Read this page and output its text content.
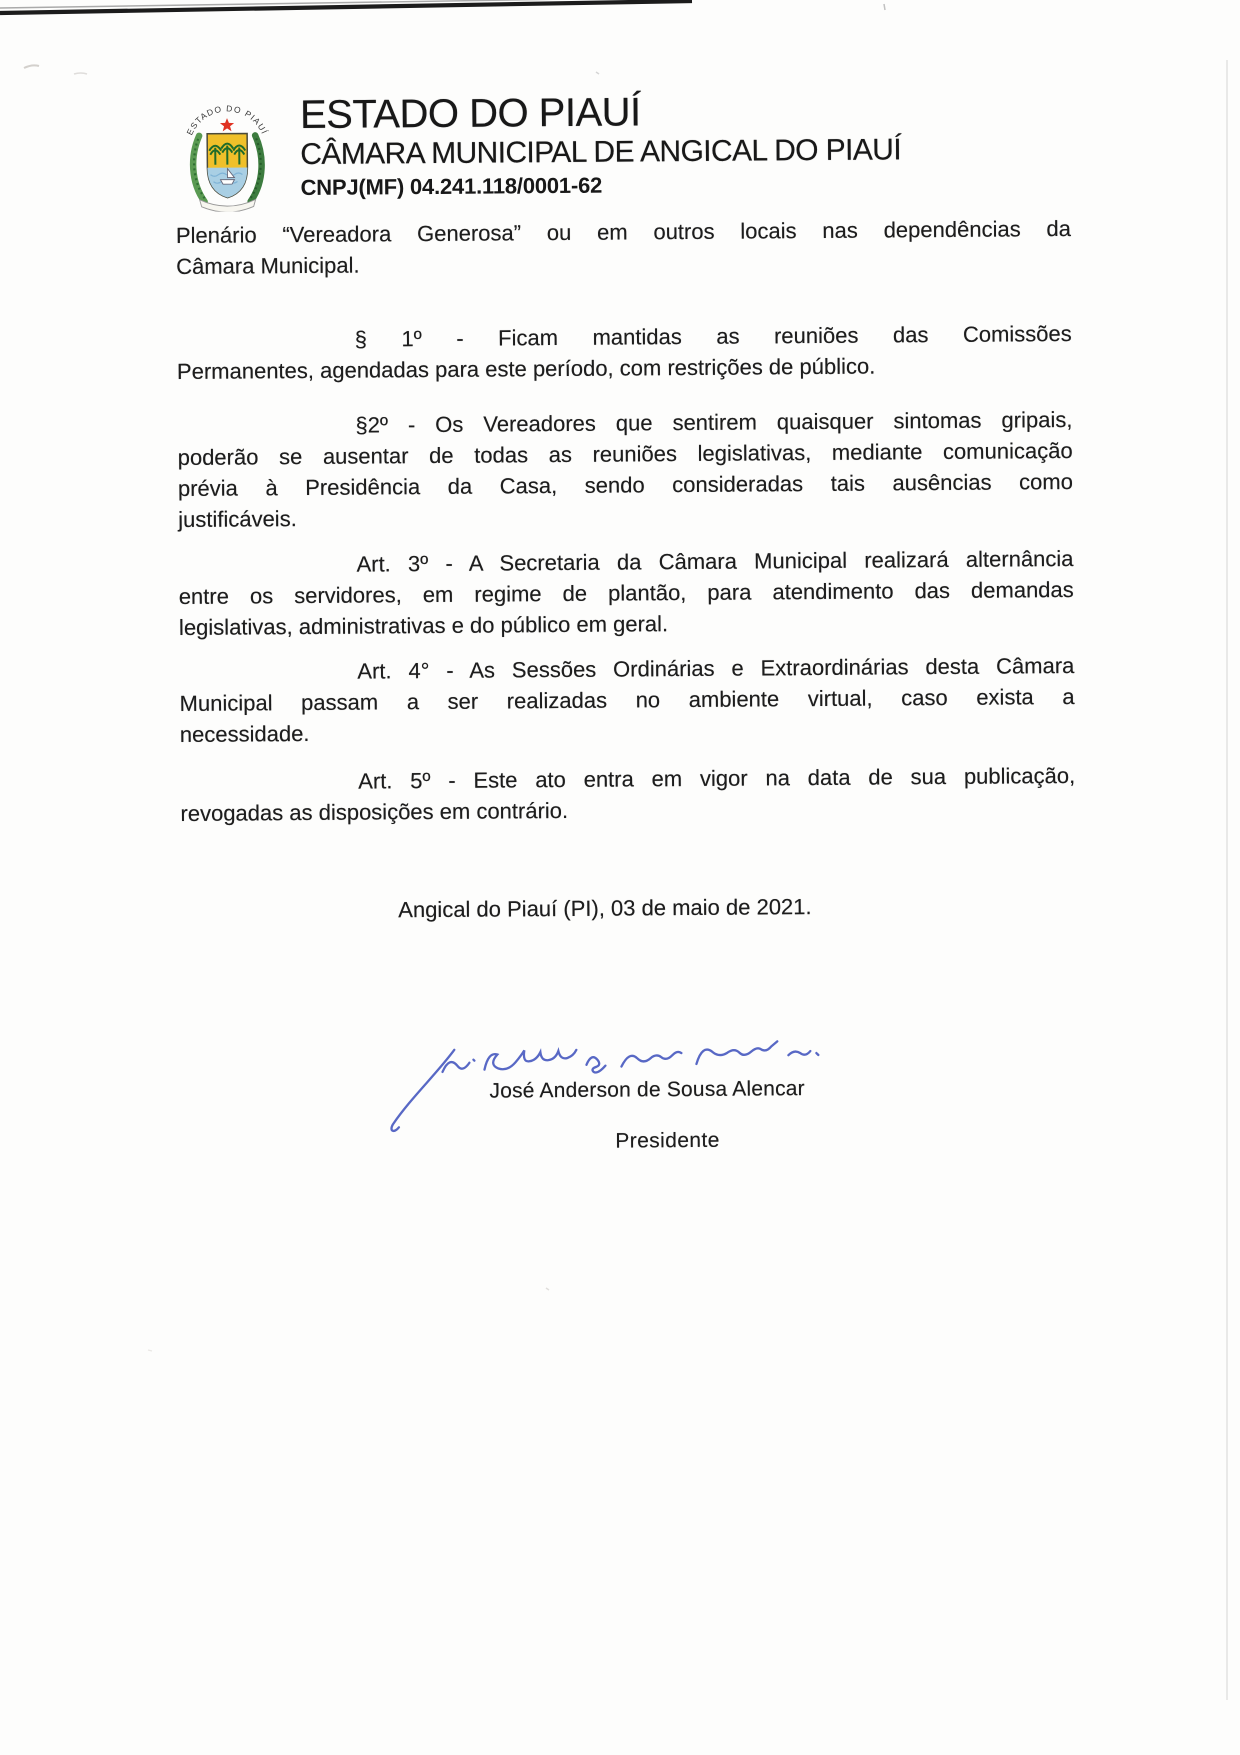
ESTADO DO PIAUÍ ESTADO DO PIAUÍ
CÂMARA MUNICIPAL DE ANGICAL DO PIAUÍ
CNPJ(MF) 04.241.118/0001-62
Plenário “Vereadora Generosa” ou em outros locais nas dependências da
Câmara Municipal.
§ 1º - Ficam mantidas as reuniões das Comissões
Permanentes, agendadas para este período, com restrições de público.
§2º - Os Vereadores que sentirem quaisquer sintomas gripais,
poderão se ausentar de todas as reuniões legislativas, mediante comunicação
prévia à Presidência da Casa, sendo consideradas tais ausências como
justificáveis.
Art. 3º - A Secretaria da Câmara Municipal realizará alternância
entre os servidores, em regime de plantão, para atendimento das demandas
legislativas, administrativas e do público em geral.
Art. 4° - As Sessões Ordinárias e Extraordinárias desta Câmara
Municipal passam a ser realizadas no ambiente virtual, caso exista a
necessidade.
Art. 5º - Este ato entra em vigor na data de sua publicação,
revogadas as disposições em contrário.
Angical do Piauí (PI), 03 de maio de 2021.
José Anderson de Sousa Alencar
Presidente
